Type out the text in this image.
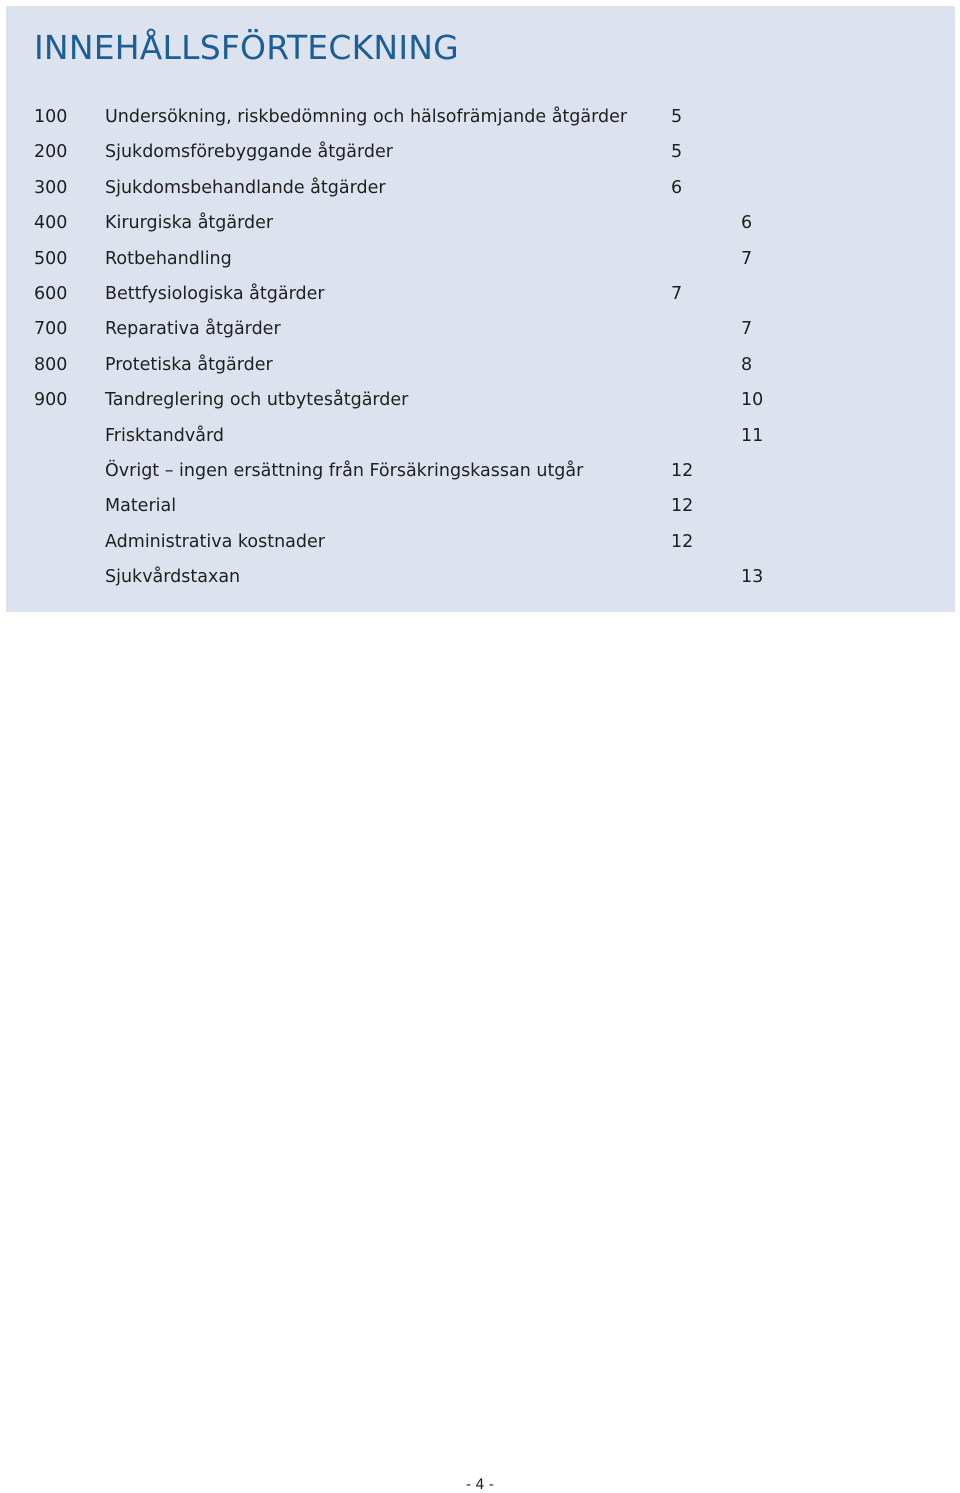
INNEHÅLLSFÖRTECKNING
100 Undersökning, riskbedömning och hälsofrämjande åtgärder	5
200 Sjukdomsförebyggande åtgärder	5
300 Sjukdomsbehandlande åtgärder	6
400 Kirurgiska åtgärder	6
500 Rotbehandling	7
600 Bettfysiologiska åtgärder	7
700 Reparativa åtgärder	7
800 Protetiska åtgärder	8
900 Tandreglering och utbytesåtgärder	10
Frisktandvård	11
Övrigt – ingen ersättning från Försäkringskassan utgår	12
Material	12
Administrativa kostnader	12
Sjukvårdstaxan	13
- 4 -
